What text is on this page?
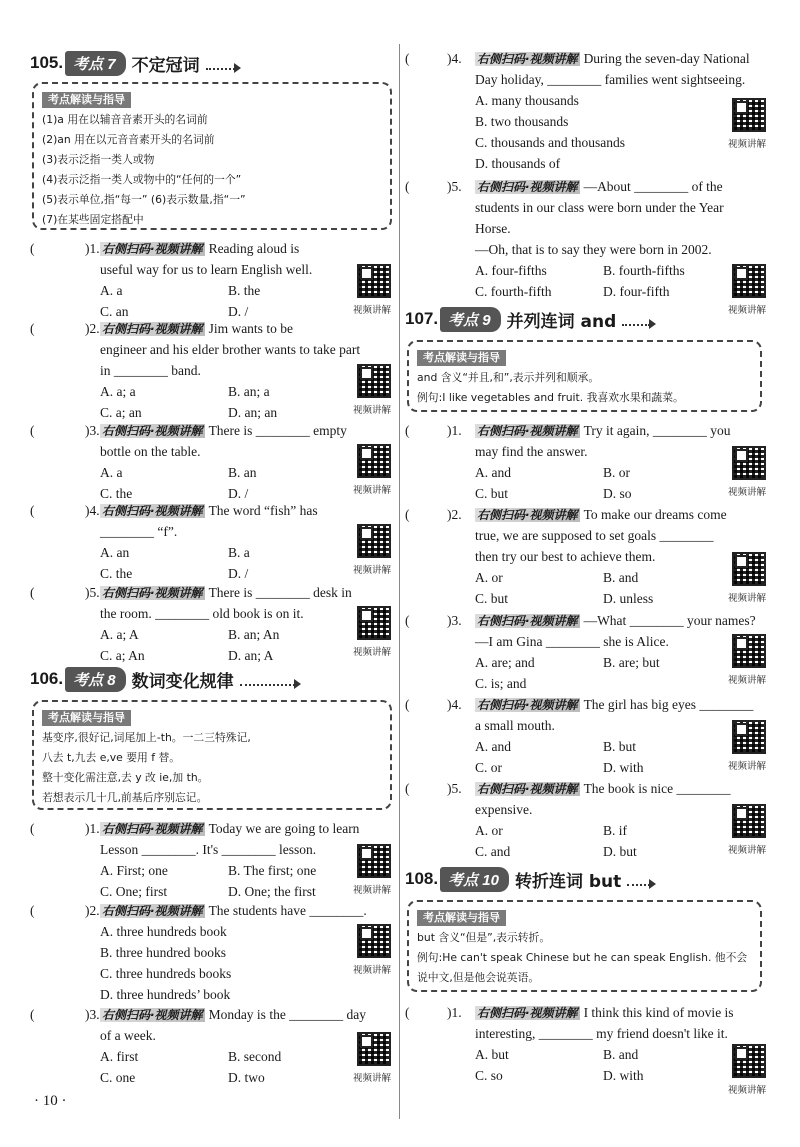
105. 考点 7 不定冠词
考点解读与指导
(1)a 用在以辅音音素开头的名词前
(2)an 用在以元音音素开头的名词前
(3)表示泛指一类人或物
(4)表示泛指一类人或物中的“任何的一个”
(5)表示单位,指“每一” (6)表示数量,指“一”
(7)在某些固定搭配中
(	)1. 右侧扫码·视频讲解 Reading aloud is
useful way for us to learn English well.
A. a	B. the
C. an	D. /	视频讲解
(	)2. 右侧扫码·视频讲解 Jim wants to be
engineer and his elder brother wants to take part
in ________ band.
A. a; a	B. an; a
C. a; an	D. an; an	视频讲解
(	)3. 右侧扫码·视频讲解 There is ________ empty
bottle on the table.
A. a	B. an
C. the	D. /	视频讲解
(	)4. 右侧扫码·视频讲解 The word “fish” has
________ “f”.
A. an	B. a
C. the	D. /	视频讲解
(	)5. 右侧扫码·视频讲解 There is ________ desk in
the room. ________ old book is on it.
A. a; A	B. an; An
C. a; An	D. an; A	视频讲解
106. 考点 8 数词变化规律
考点解读与指导
基变序,很好记,词尾加上-th。一二三特殊记,
八去 t,九去 e,ve 要用 f 替。
整十变化需注意,去 y 改 ie,加 th。
若想表示几十几,前基后序别忘记。
(	)1. 右侧扫码·视频讲解 Today we are going to learn
Lesson ________. It's ________ lesson.
A. First; one	B. The first; one
C. One; first	D. One; the first	视频讲解
(	)2. 右侧扫码·视频讲解 The students have ________.
A. three hundreds book
B. three hundred books
C. three hundreds books
D. three hundreds’ book
视频讲解
(	)3. 右侧扫码·视频讲解 Monday is the ________ day
of a week.
A. first	B. second
C. one	D. two	视频讲解
· 10 ·
(	)4. 右侧扫码·视频讲解 During the seven-day National
Day holiday, ________ families went sightseeing.
A. many thousands
B. two thousands
C. thousands and thousands
D. thousands of
视频讲解
(	)5. 右侧扫码·视频讲解 —About ________ of the
students in our class were born under the Year
Horse.
—Oh, that is to say they were born in 2002.
A. four-fifths	B. fourth-fifths
C. fourth-fifth	D. four-fifth
视频讲解
107. 考点 9 并列连词 and
考点解读与指导
and 含义“并且,和”,表示并列和顺承。
例句:I like vegetables and fruit. 我喜欢水果和蔬菜。
(	)1. 右侧扫码·视频讲解 Try it again, ________ you
may find the answer.
A. and	B. or
C. but	D. so	视频讲解
(	)2. 右侧扫码·视频讲解 To make our dreams come
true, we are supposed to set goals ________
then try our best to achieve them.
A. or	B. and
C. but	D. unless	视频讲解
(	)3. 右侧扫码·视频讲解 —What ________ your names?
—I am Gina ________ she is Alice.
A. are; and	B. are; but
C. is; and	视频讲解
(	)4. 右侧扫码·视频讲解 The girl has big eyes ________
a small mouth.
A. and	B. but
C. or	D. with	视频讲解
(	)5. 右侧扫码·视频讲解 The book is nice ________
expensive.
A. or	B. if
C. and	D. but	视频讲解
108. 考点 10 转折连词 but
考点解读与指导
but 含义“但是”,表示转折。
例句:He can't speak Chinese but he can speak English. 他不会
说中文,但是他会说英语。
(	)1. 右侧扫码·视频讲解 I think this kind of movie is
interesting, ________ my friend doesn't like it.
A. but	B. and
C. so	D. with
视频讲解
